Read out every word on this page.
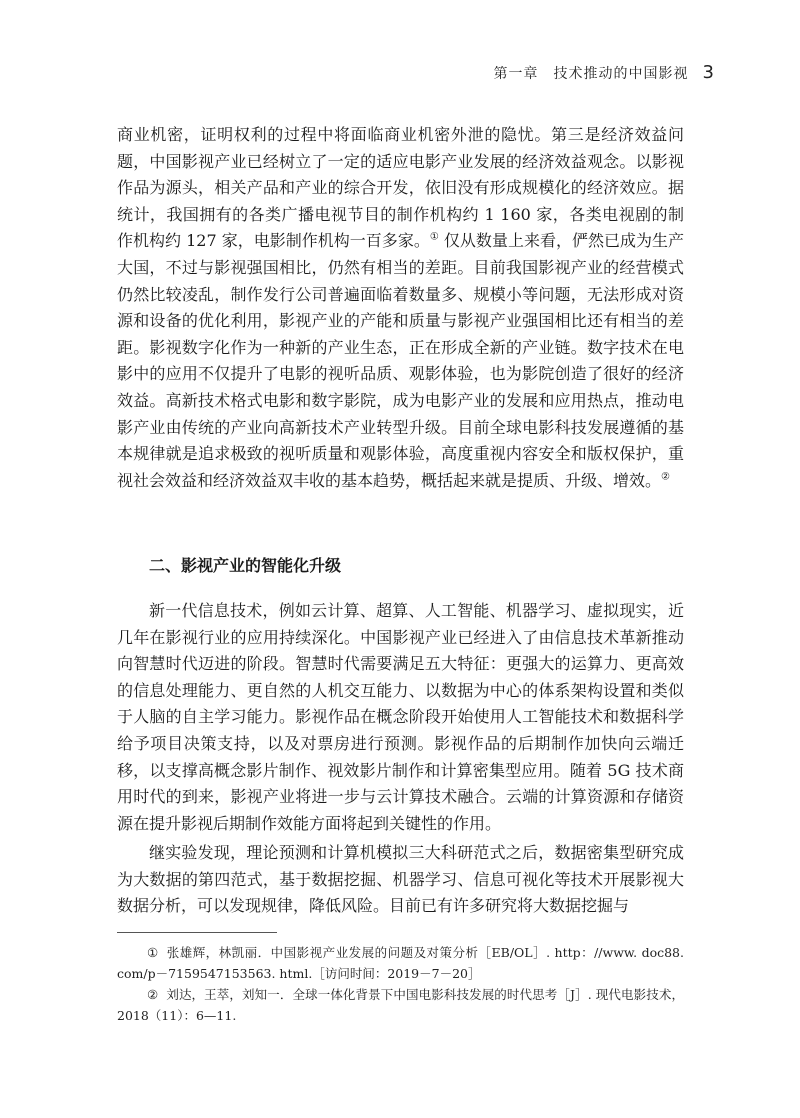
第一章　技术推动的中国影视 3

商业机密，证明权利的过程中将面临商业机密外泄的隐忧。第三是经济效益问题，中国影视产业已经树立了一定的适应电影产业发展的经济效益观念。以影视作品为源头，相关产品和产业的综合开发，依旧没有形成规模化的经济效应。据统计，我国拥有的各类广播电视节目的制作机构约 1 160 家，各类电视剧的制作机构约 127 家，电影制作机构一百多家。① 仅从数量上来看，俨然已成为生产大国，不过与影视强国相比，仍然有相当的差距。目前我国影视产业的经营模式仍然比较凌乱，制作发行公司普遍面临着数量多、规模小等问题，无法形成对资源和设备的优化利用，影视产业的产能和质量与影视产业强国相比还有相当的差距。影视数字化作为一种新的产业生态，正在形成全新的产业链。数字技术在电影中的应用不仅提升了电影的视听品质、观影体验，也为影院创造了很好的经济效益。高新技术格式电影和数字影院，成为电影产业的发展和应用热点，推动电影产业由传统的产业向高新技术产业转型升级。目前全球电影科技发展遵循的基本规律就是追求极致的视听质量和观影体验，高度重视内容安全和版权保护，重视社会效益和经济效益双丰收的基本趋势，概括起来就是提质、升级、增效。②

二、影视产业的智能化升级

新一代信息技术，例如云计算、超算、人工智能、机器学习、虚拟现实，近几年在影视行业的应用持续深化。中国影视产业已经进入了由信息技术革新推动向智慧时代迈进的阶段。智慧时代需要满足五大特征：更强大的运算力、更高效的信息处理能力、更自然的人机交互能力、以数据为中心的体系架构设置和类似于人脑的自主学习能力。影视作品在概念阶段开始使用人工智能技术和数据科学给予项目决策支持，以及对票房进行预测。影视作品的后期制作加快向云端迁移，以支撑高概念影片制作、视效影片制作和计算密集型应用。随着 5G 技术商用时代的到来，影视产业将进一步与云计算技术融合。云端的计算资源和存储资源在提升影视后期制作效能方面将起到关键性的作用。

继实验发现，理论预测和计算机模拟三大科研范式之后，数据密集型研究成为大数据的第四范式，基于数据挖掘、机器学习、信息可视化等技术开展影视大数据分析，可以发现规律，降低风险。目前已有许多研究将大数据挖掘与

① 张雄辉，林凯丽．中国影视产业发展的问题及对策分析［EB/OL］. http：//www. doc88. com/p－7159547153563. html.［访问时间：2019－7－20］

② 刘达，王萃，刘知一．全球一体化背景下中国电影科技发展的时代思考［J］. 现代电影技术，2018（11）：6—11.
